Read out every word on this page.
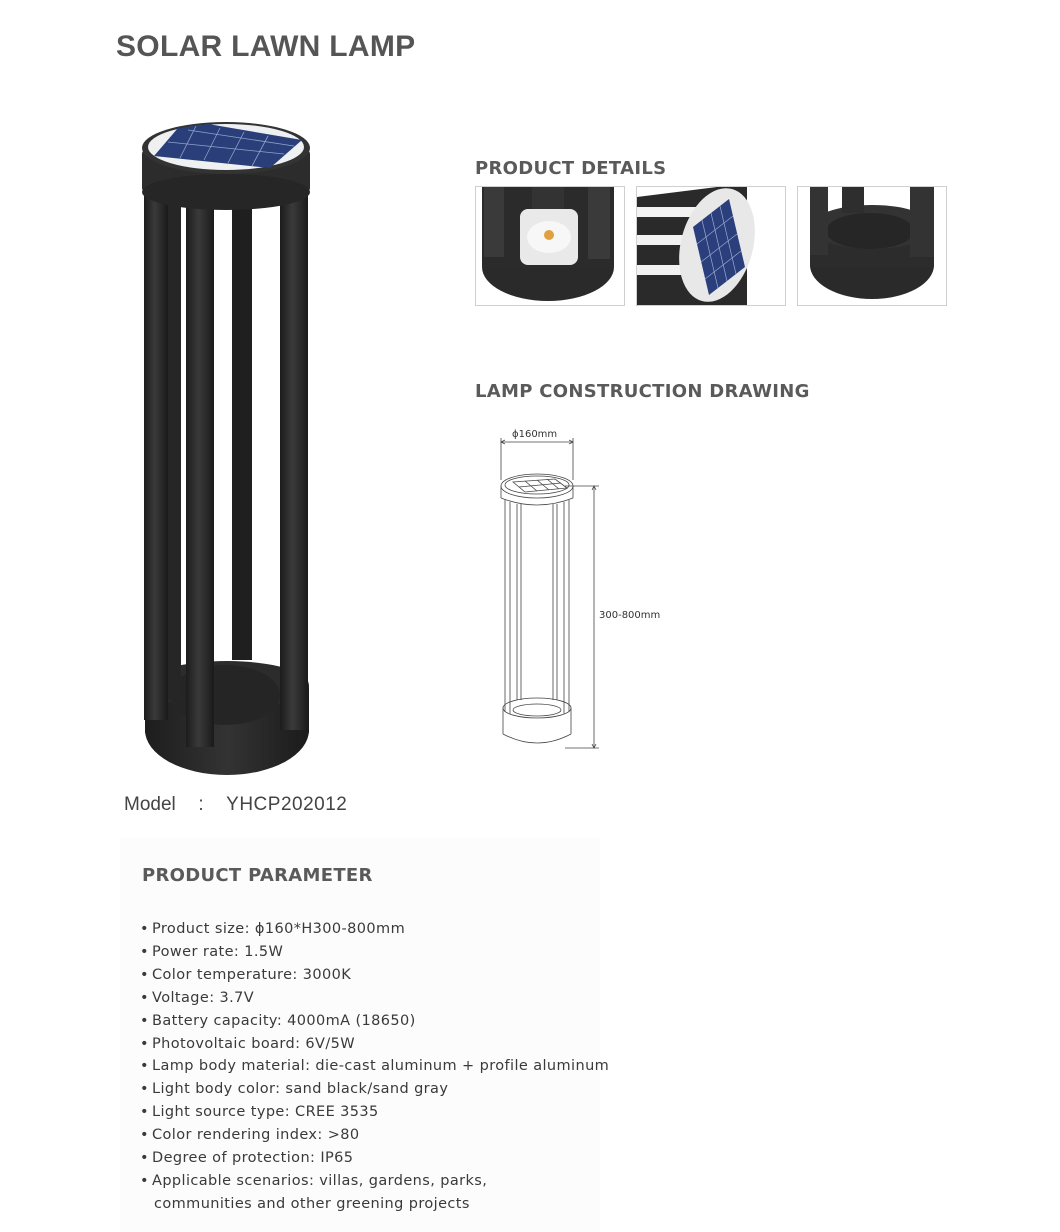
SOLAR LAWN LAMP
Model : YHCP202012
PRODUCT DETAILS
LAMP CONSTRUCTION DRAWING
ϕ160mm
300-800mm
PRODUCT PARAMETER
• Product size: ϕ160*H300-800mm
• Power rate: 1.5W
• Color temperature: 3000K
• Voltage: 3.7V
• Battery capacity: 4000mA (18650)
• Photovoltaic board: 6V/5W
• Lamp body material: die-cast aluminum + profile aluminum
• Light body color: sand black/sand gray
• Light source type: CREE 3535
• Color rendering index: >80
• Degree of protection: IP65
• Applicable scenarios: villas, gardens, parks,
communities and other greening projects
